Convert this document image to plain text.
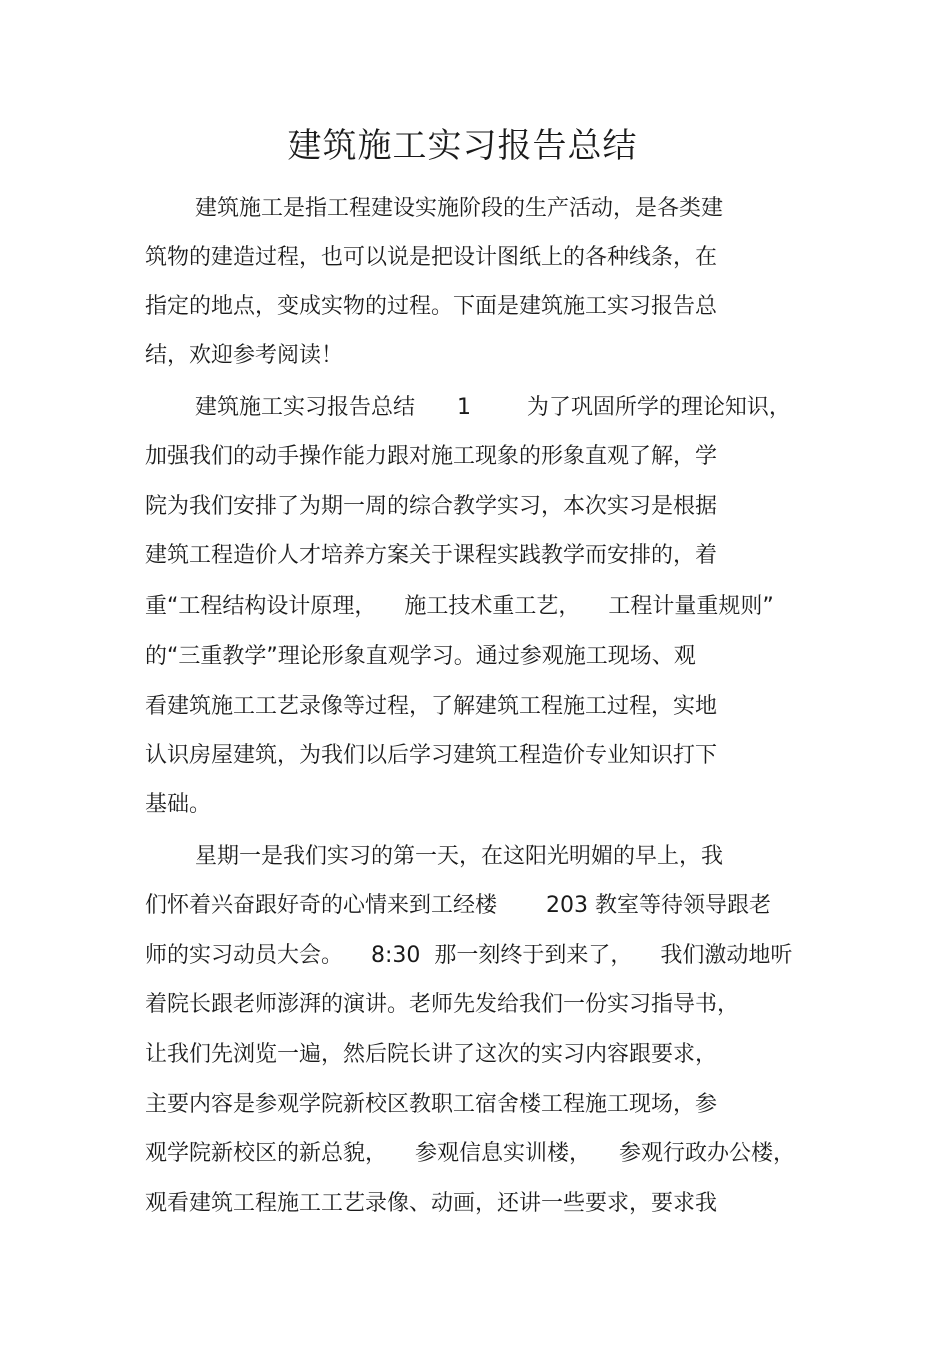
建筑施工实习报告总结
建筑施工是指工程建设实施阶段的生产活动，是各类建
筑物的建造过程，也可以说是把设计图纸上的各种线条，在
指定的地点，变成实物的过程。下面是建筑施工实习报告总
结，欢迎参考阅读！
建筑施工实习报告总结      1        为了巩固所学的理论知识，
加强我们的动手操作能力跟对施工现象的形象直观了解，学
院为我们安排了为期一周的综合教学实习，本次实习是根据
建筑工程造价人才培养方案关于课程实践教学而安排的，着
重“工程结构设计原理，    施工技术重工艺，    工程计量重规则”
的“三重教学”理论形象直观学习。通过参观施工现场、观
看建筑施工工艺录像等过程，了解建筑工程施工过程，实地
认识房屋建筑，为我们以后学习建筑工程造价专业知识打下
基础。
星期一是我们实习的第一天，在这阳光明媚的早上，我
们怀着兴奋跟好奇的心情来到工经楼       203 教室等待领导跟老
师的实习动员大会。    8:30  那一刻终于到来了，    我们激动地听
着院长跟老师澎湃的演讲。老师先发给我们一份实习指导书，
让我们先浏览一遍，然后院长讲了这次的实习内容跟要求，
主要内容是参观学院新校区教职工宿舍楼工程施工现场，参
观学院新校区的新总貌，    参观信息实训楼，    参观行政办公楼，
观看建筑工程施工工艺录像、动画，还讲一些要求，要求我
